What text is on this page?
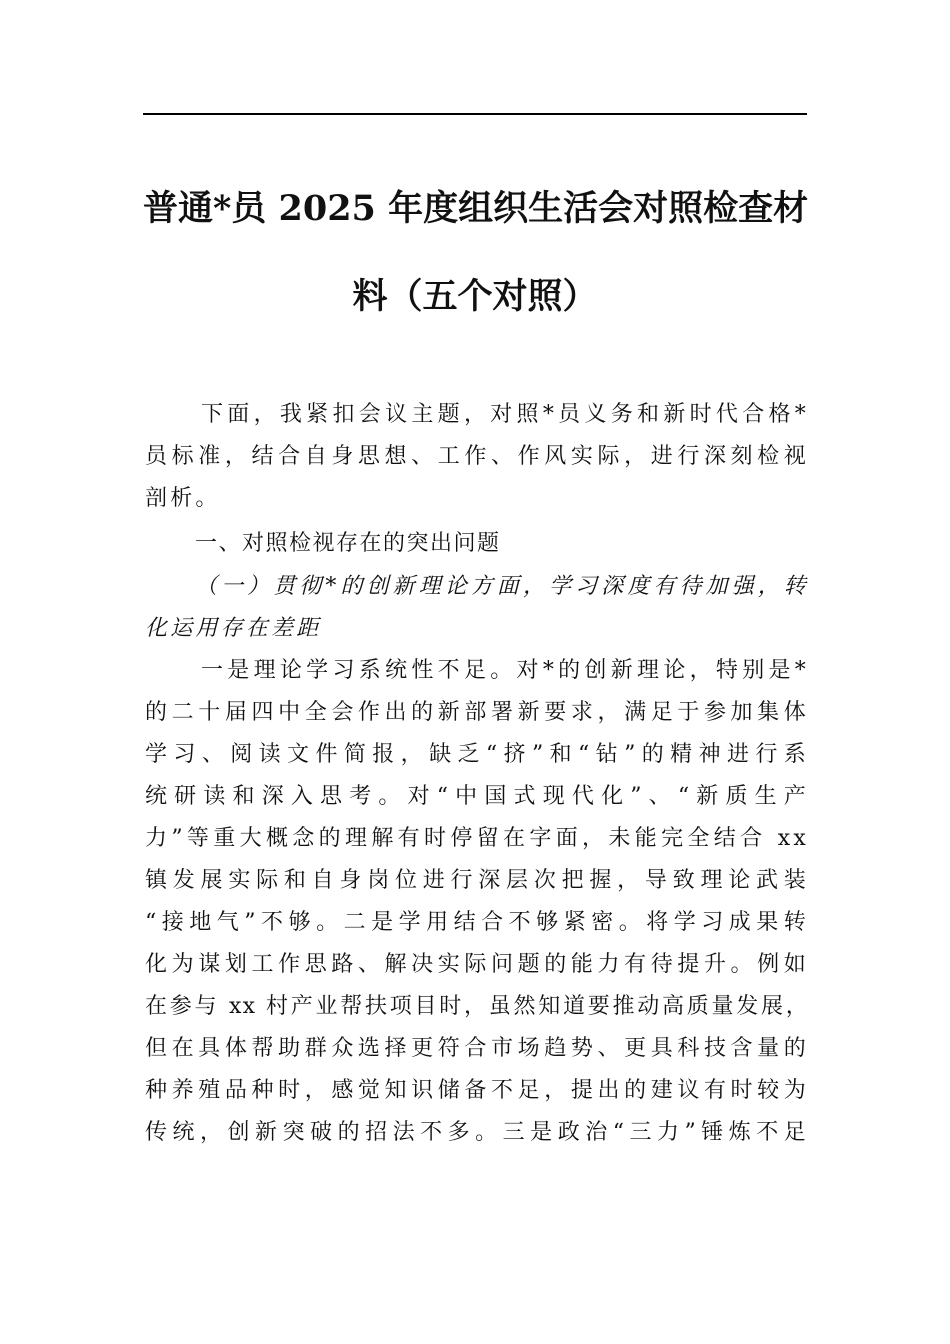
普通*员 2025 年度组织生活会对照检查材
料（五个对照）
下面，我紧扣会议主题，对照*员义务和新时代合格*
员标准，结合自身思想、工作、作风实际，进行深刻检视
剖析。
一、对照检视存在的突出问题
（一）贯彻*的创新理论方面，学习深度有待加强，转
化运用存在差距
一是理论学习系统性不足。对*的创新理论，特别是*
的二十届四中全会作出的新部署新要求，满足于参加集体
学习、阅读文件简报，缺乏“挤”和“钻”的精神进行系
统研读和深入思考。对“中国式现代化”、“新质生产
力”等重大概念的理解有时停留在字面，未能完全结合 xx
镇发展实际和自身岗位进行深层次把握，导致理论武装
“接地气”不够。二是学用结合不够紧密。将学习成果转
化为谋划工作思路、解决实际问题的能力有待提升。例如
在参与 xx 村产业帮扶项目时，虽然知道要推动高质量发展，
但在具体帮助群众选择更符合市场趋势、更具科技含量的
种养殖品种时，感觉知识储备不足，提出的建议有时较为
传统，创新突破的招法不多。三是政治“三力”锤炼不足
